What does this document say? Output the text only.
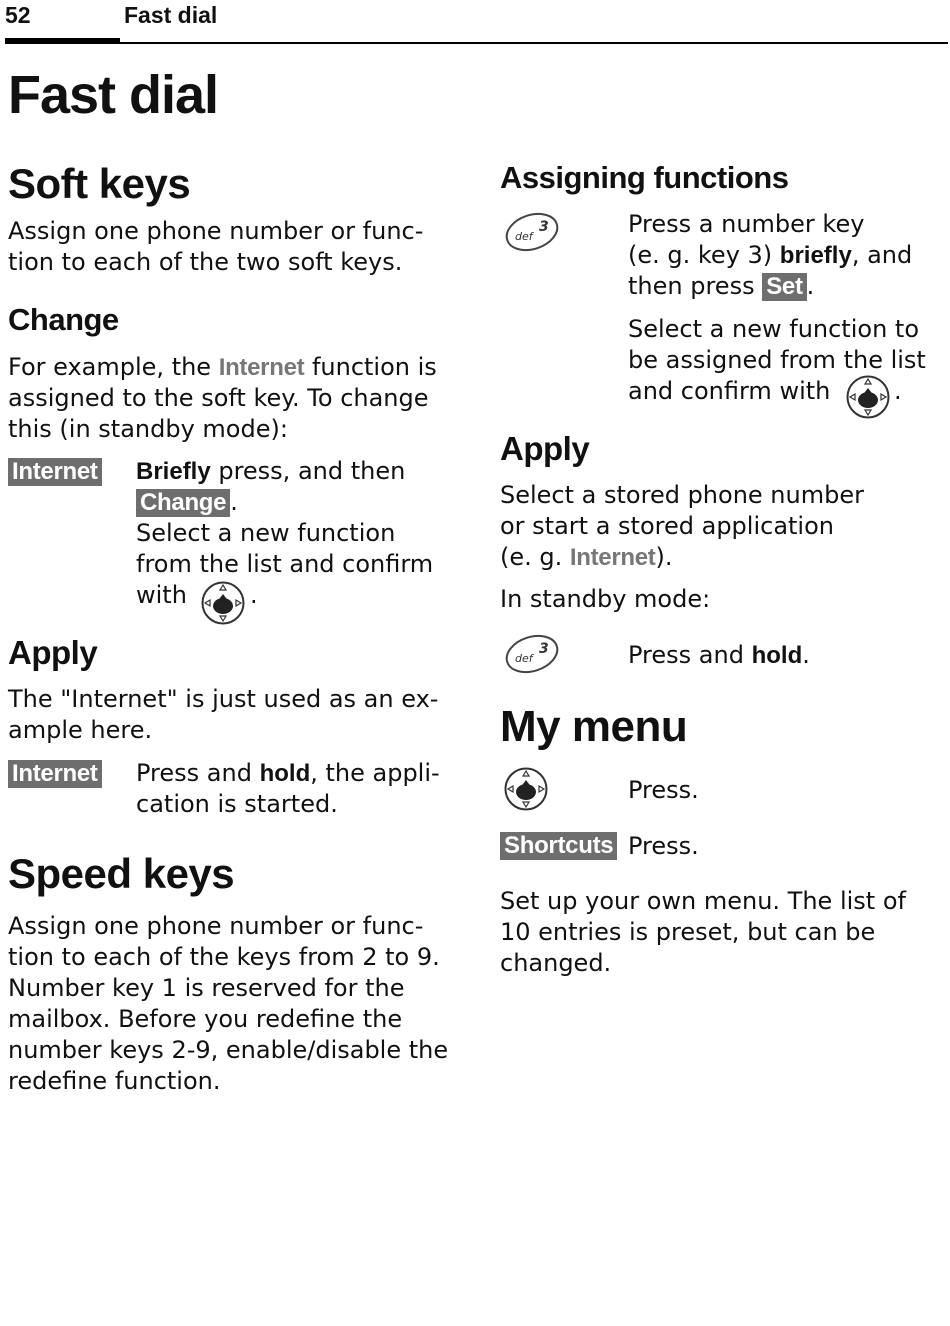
52	Fast dial
Fast dial
Soft keys

Assign one phone number or func-

tion to each of the two soft keys.

Change

For example, the Internet function is

assigned to the soft key. To change

this (in standby mode):

Internet Briefly press, and then

Change .

Select a new function

from the list and confirm

with	.

Apply

The "Internet" is just used as an ex-

ample here.

Internet Press and hold, the appli-

cation is started.

Speed keys

Assign one phone number or func-

tion to each of the keys from 2 to 9.

Number key 1 is reserved for the

mailbox. Before you redefine the

number keys 2-9, enable/disable the

redefine function.

Assigning functions
def
3	Press a number key

(e. g. key 3) briefly, and

then press Set .

Select a new function to

be assigned from the list

and confirm with	.

Apply

Select a stored phone number

or start a stored application

(e. g. Internet).

In standby mode:

def
3	Press and hold.

My menu

Press.

Shortcuts Press.

Set up your own menu. The list of

10 entries is preset, but can be

changed.
